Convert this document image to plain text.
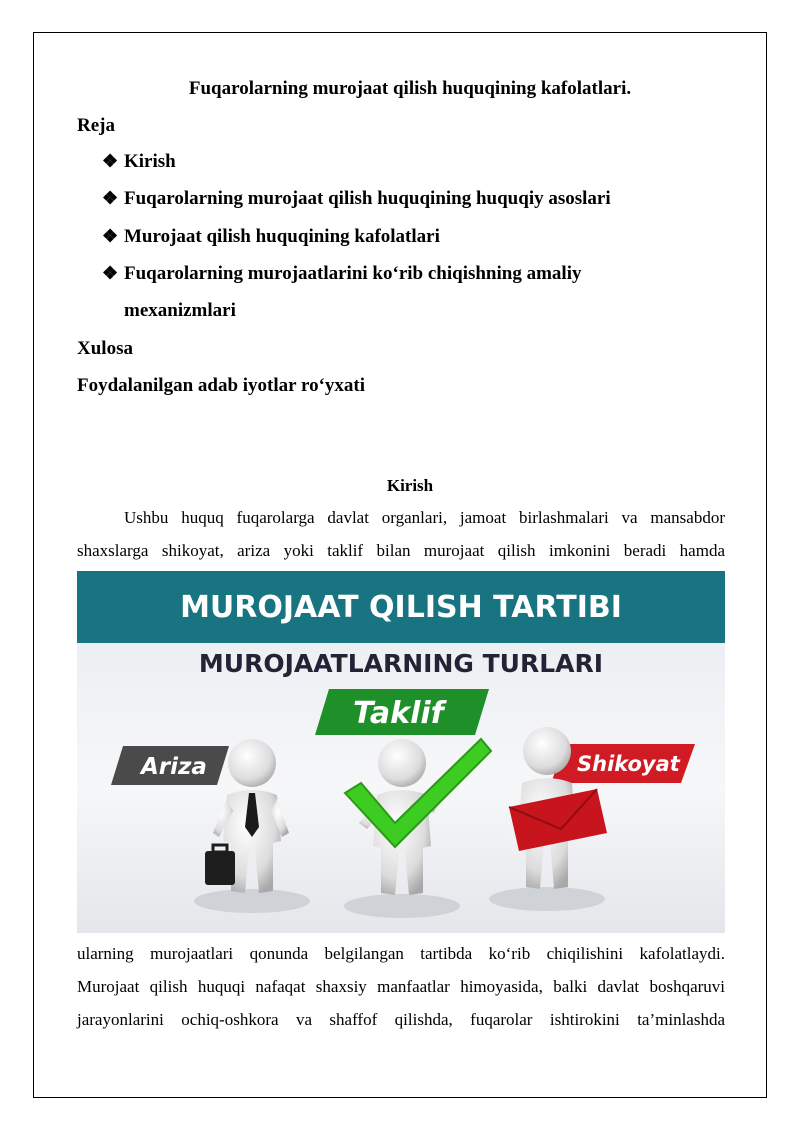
Fuqarolarning murojaat qilish huquqining kafolatlari.
Reja
❖ Kirish
❖ Fuqarolarning murojaat qilish huquqining huquqiy asoslari
❖ Murojaat qilish huquqining kafolatlari
❖ Fuqarolarning murojaatlarini ko‘rib chiqishning amaliy
mexanizmlari
Xulosa
Foydalanilgan adab iyotlar ro‘yxati
Kirish
Ushbu huquq fuqarolarga davlat organlari, jamoat birlashmalari va mansabdor
shaxslarga shikoyat, ariza yoki taklif bilan murojaat qilish imkonini beradi hamda
MUROJAAT QILISH TARTIBI
MUROJAATLARNING TURLARI
Ariza
Taklif
Shikoyat
ularning murojaatlari qonunda belgilangan tartibda ko‘rib chiqilishini kafolatlaydi.
Murojaat qilish huquqi nafaqat shaxsiy manfaatlar himoyasida, balki davlat boshqaruvi
jarayonlarini ochiq-oshkora va shaffof qilishda, fuqarolar ishtirokini ta’minlashda
